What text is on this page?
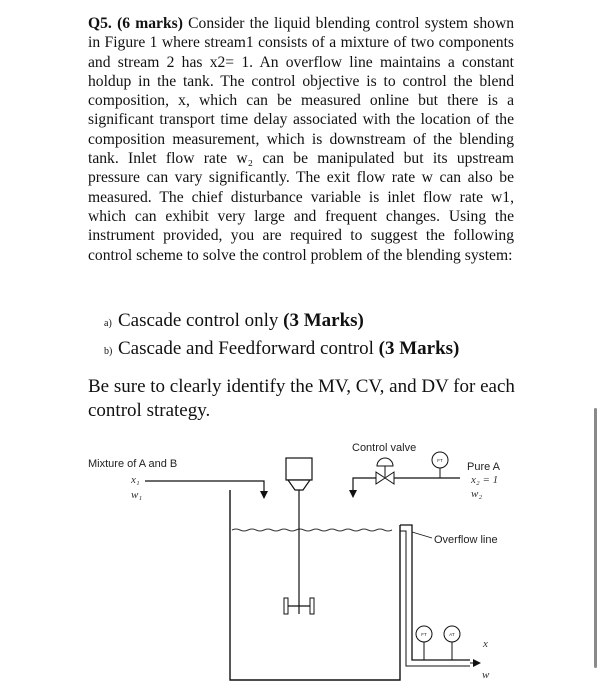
Q5. (6 marks) Consider the liquid blending control system shown in Figure 1 where stream1 consists of a mixture of two components and stream 2 has x2= 1. An overflow line maintains a constant holdup in the tank. The control objective is to control the blend composition, x, which can be measured online but there is a significant transport time delay associated with the location of the composition measurement, which is downstream of the blending tank. Inlet flow rate w₂ can be manipulated but its upstream pressure can vary significantly. The exit flow rate w can also be measured. The chief disturbance variable is inlet flow rate w1, which can exhibit very large and frequent changes. Using the instrument provided, you are required to suggest the following control scheme to solve the control problem of the blending system:
a) Cascade control only (3 Marks)
b) Cascade and Feedforward control (3 Marks)
Be sure to clearly identify the MV, CV, and DV for each control strategy.
Overflow line
Mixture of A and B
x₁
w₁
Control valve
FT
Pure A
x₂ = 1
w₂
FT	AT
x
w
